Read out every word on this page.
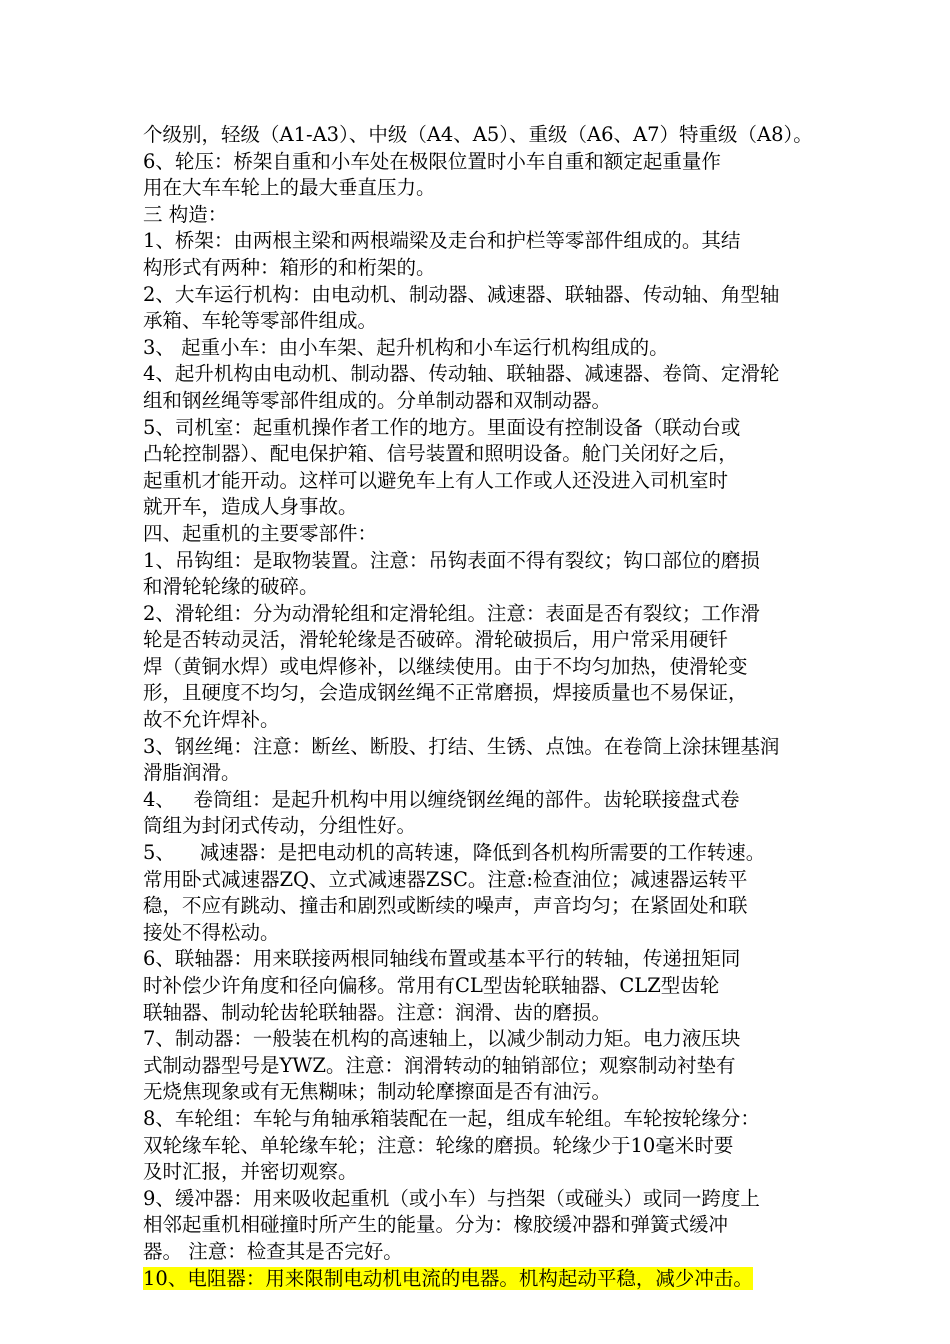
个级别，轻级（A1-A3）、中级（A4、A5）、重级（A6、A7）特重级（A8）。
6、轮压：桥架自重和小车处在极限位置时小车自重和额定起重量作
用在大车车轮上的最大垂直压力。
三 构造：
1、桥架：由两根主梁和两根端梁及走台和护栏等零部件组成的。其结
构形式有两种：箱形的和桁架的。
2、大车运行机构：由电动机、制动器、减速器、联轴器、传动轴、角型轴
承箱、车轮等零部件组成。
3、 起重小车：由小车架、起升机构和小车运行机构组成的。
4、起升机构由电动机、制动器、传动轴、联轴器、减速器、卷筒、定滑轮
组和钢丝绳等零部件组成的。分单制动器和双制动器。
5、司机室：起重机操作者工作的地方。里面设有控制设备（联动台或
凸轮控制器）、配电保护箱、信号装置和照明设备。舱门关闭好之后，
起重机才能开动。这样可以避免车上有人工作或人还没进入司机室时
就开车，造成人身事故。
四、起重机的主要零部件：
1、吊钩组：是取物装置。注意：吊钩表面不得有裂纹；钩口部位的磨损
和滑轮轮缘的破碎。
2、滑轮组：分为动滑轮组和定滑轮组。注意：表面是否有裂纹；工作滑
轮是否转动灵活，滑轮轮缘是否破碎。滑轮破损后，用户常采用硬钎
焊（黄铜水焊）或电焊修补，以继续使用。由于不均匀加热，使滑轮变
形，且硬度不均匀，会造成钢丝绳不正常磨损，焊接质量也不易保证，
故不允许焊补。
3、钢丝绳：注意：断丝、断股、打结、生锈、点蚀。在卷筒上涂抹锂基润
滑脂润滑。
4、   卷筒组：是起升机构中用以缠绕钢丝绳的部件。齿轮联接盘式卷
筒组为封闭式传动，分组性好。
5、    减速器：是把电动机的高转速，降低到各机构所需要的工作转速。
常用卧式减速器ZQ、立式减速器ZSC。注意:检查油位；减速器运转平
稳，不应有跳动、撞击和剧烈或断续的噪声，声音均匀；在紧固处和联
接处不得松动。
6、联轴器：用来联接两根同轴线布置或基本平行的转轴，传递扭矩同
时补偿少许角度和径向偏移。常用有CL型齿轮联轴器、CLZ型齿轮
联轴器、制动轮齿轮联轴器。注意：润滑、齿的磨损。
7、制动器：一般装在机构的高速轴上，以减少制动力矩。电力液压块
式制动器型号是YWZ。注意：润滑转动的轴销部位；观察制动衬垫有
无烧焦现象或有无焦糊味；制动轮摩擦面是否有油污。
8、车轮组：车轮与角轴承箱装配在一起，组成车轮组。车轮按轮缘分：
双轮缘车轮、单轮缘车轮；注意：轮缘的磨损。轮缘少于10毫米时要
及时汇报，并密切观察。
9、缓冲器：用来吸收起重机（或小车）与挡架（或碰头）或同一跨度上
相邻起重机相碰撞时所产生的能量。分为：橡胶缓冲器和弹簧式缓冲
器。 注意：检查其是否完好。
10、电阻器：用来限制电动机电流的电器。机构起动平稳，减少冲击。
